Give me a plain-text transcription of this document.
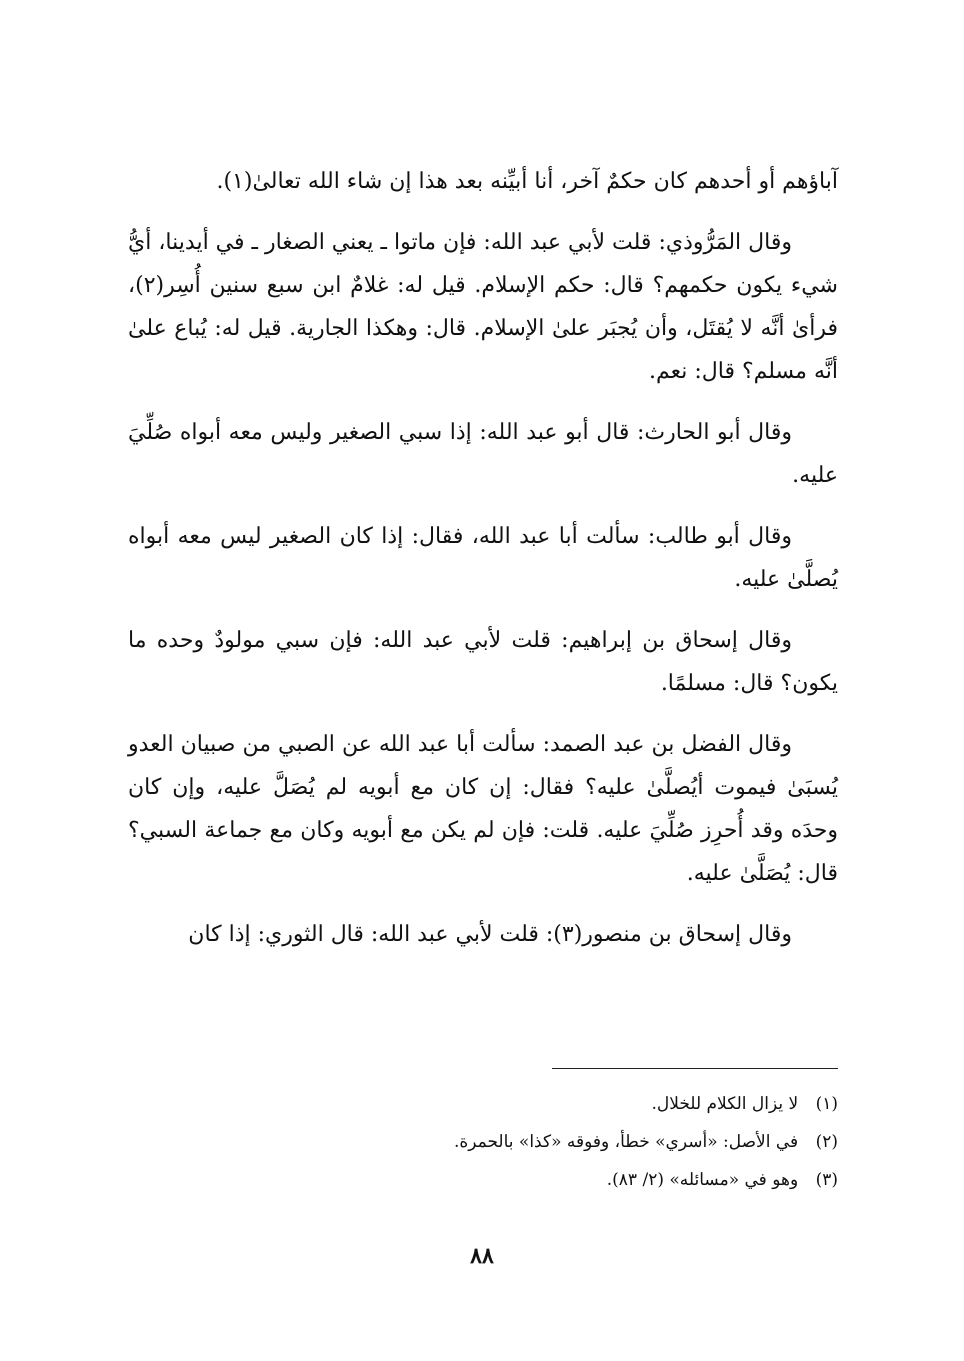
آباؤهم أو أحدهم كان حكمٌ آخر، أنا أبيِّنه بعد هذا إن شاء الله تعالىٰ(١).

وقال المَرُّوذي: قلت لأبي عبد الله: فإن ماتوا ـ يعني الصغار ـ في أيدينا، أيُّ شيء يكون حكمهم؟ قال: حكم الإسلام. قيل له: غلامٌ ابن سبع سنين أُسِر(٢)، فرأىٰ أنَّه لا يُقتَل، وأن يُجبَر علىٰ الإسلام. قال: وهكذا الجارية. قيل له: يُباع علىٰ أنَّه مسلم؟ قال: نعم.

وقال أبو الحارث: قال أبو عبد الله: إذا سبي الصغير وليس معه أبواه صُلِّيَ عليه.

وقال أبو طالب: سألت أبا عبد الله، فقال: إذا كان الصغير ليس معه أبواه يُصلَّىٰ عليه.

وقال إسحاق بن إبراهيم: قلت لأبي عبد الله: فإن سبي مولودٌ وحده ما يكون؟ قال: مسلمًا.

وقال الفضل بن عبد الصمد: سألت أبا عبد الله عن الصبي من صبيان العدو يُسبَىٰ فيموت أيُصلَّىٰ عليه؟ فقال: إن كان مع أبويه لم يُصَلَّ عليه، وإن كان وحدَه وقد أُحرِز صُلِّيَ عليه. قلت: فإن لم يكن مع أبويه وكان مع جماعة السبي؟ قال: يُصَلَّىٰ عليه.

وقال إسحاق بن منصور(٣): قلت لأبي عبد الله: قال الثوري: إذا كان

(١) لا يزال الكلام للخلال.
(٢) في الأصل: «أسري» خطأ، وفوقه «كذا» بالحمرة.
(٣) وهو في «مسائله» (٢/ ٨٣).
٨٨
